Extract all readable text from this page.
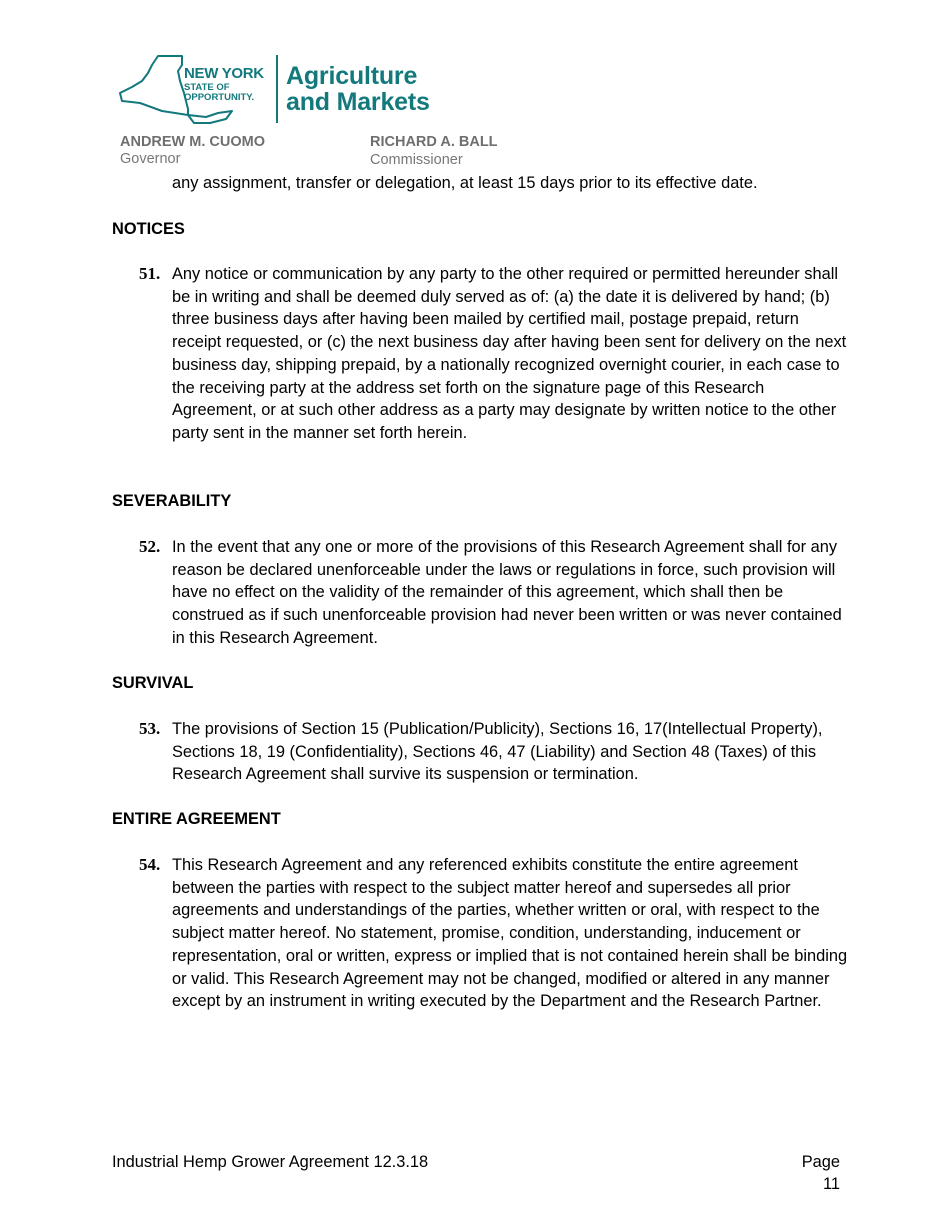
NEW YORK
STATE OF
OPPORTUNITY.
Agriculture
and Markets
ANDREW M. CUOMO
Governor
RICHARD A. BALL
Commissioner

any assignment, transfer or delegation, at least 15 days prior to its effective date.

NOTICES
51. Any notice or communication by any party to the other required or permitted hereunder shall be in writing and shall be deemed duly served as of: (a) the date it is delivered by hand; (b) three business days after having been mailed by certified mail, postage prepaid, return receipt requested, or (c) the next business day after having been sent for delivery on the next business day, shipping prepaid, by a nationally recognized overnight courier, in each case to the receiving party at the address set forth on the signature page of this Research Agreement, or at such other address as a party may designate by written notice to the other party sent in the manner set forth herein.

SEVERABILITY
52. In the event that any one or more of the provisions of this Research Agreement shall for any reason be declared unenforceable under the laws or regulations in force, such provision will have no effect on the validity of the remainder of this agreement, which shall then be construed as if such unenforceable provision had never been written or was never contained in this Research Agreement.

SURVIVAL
53. The provisions of Section 15 (Publication/Publicity), Sections 16, 17(Intellectual Property), Sections 18, 19 (Confidentiality), Sections 46, 47 (Liability) and Section 48 (Taxes) of this Research Agreement shall survive its suspension or termination.

ENTIRE AGREEMENT
54. This Research Agreement and any referenced exhibits constitute the entire agreement between the parties with respect to the subject matter hereof and supersedes all prior agreements and understandings of the parties, whether written or oral, with respect to the subject matter hereof. No statement, promise, condition, understanding, inducement or representation, oral or written, express or implied that is not contained herein shall be binding or valid. This Research Agreement may not be changed, modified or altered in any manner except by an instrument in writing executed by the Department and the Research Partner.

Industrial Hemp Grower Agreement 12.3.18	Page 11
